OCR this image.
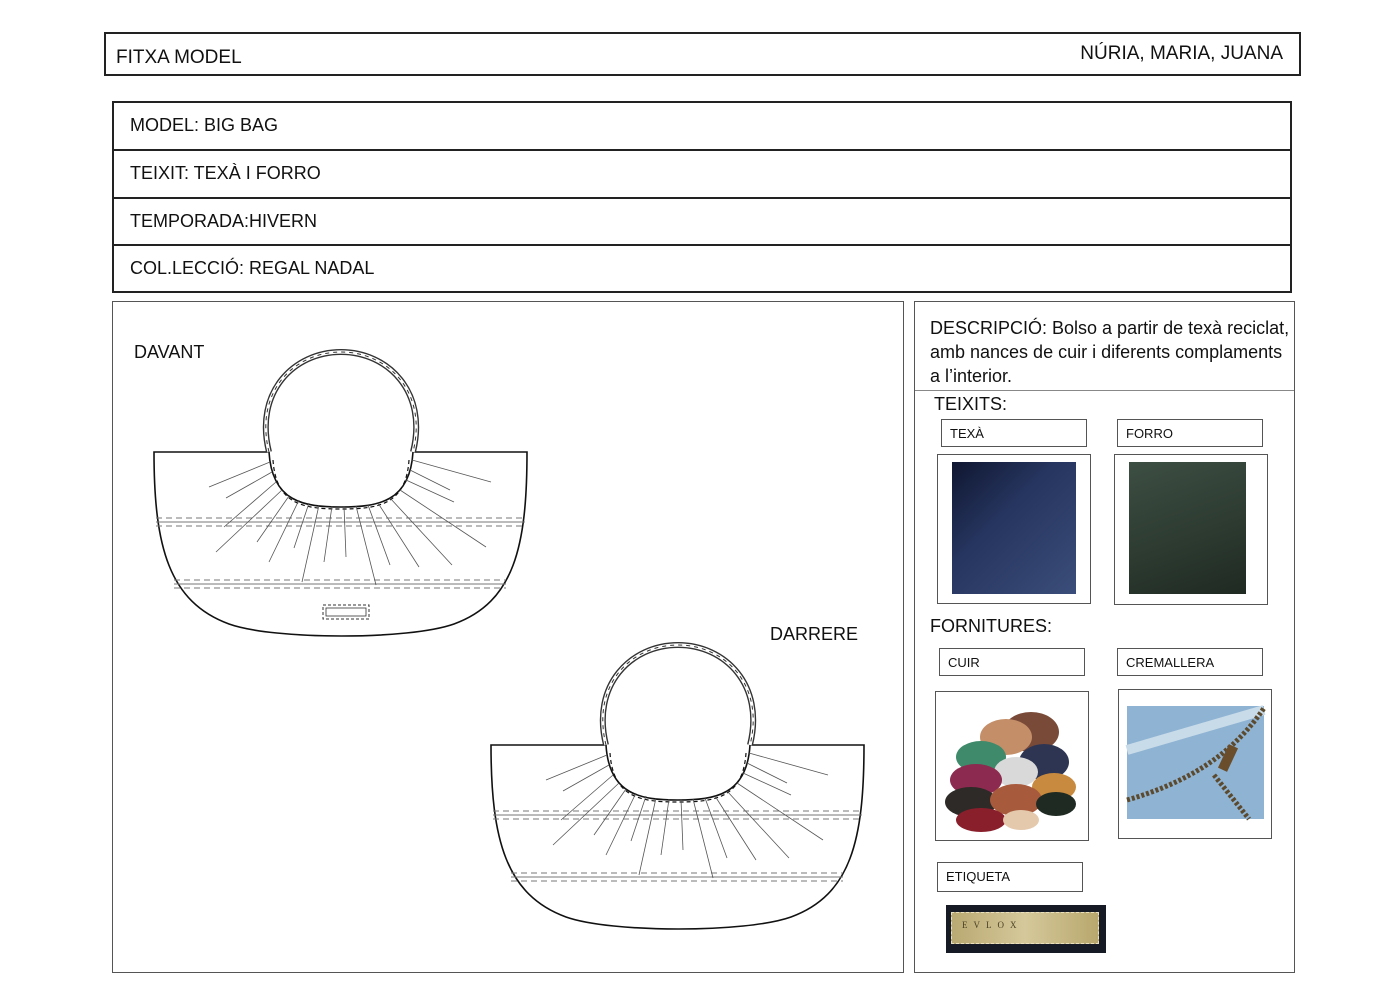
FITXA MODEL	NÚRIA, MARIA, JUANA
MODEL: BIG BAG
TEIXIT: TEXÀ I FORRO
TEMPORADA:HIVERN
COL.LECCIÓ: REGAL NADAL
DAVANT
DARRERE
DESCRIPCIÓ: Bolso a partir de texà reciclat, amb nances de cuir i diferents complaments a l’interior.
TEIXITS:
TEXÀ	FORRO
FORNITURES:
CUIR	CREMALLERA
ETIQUETA
EVLOX
